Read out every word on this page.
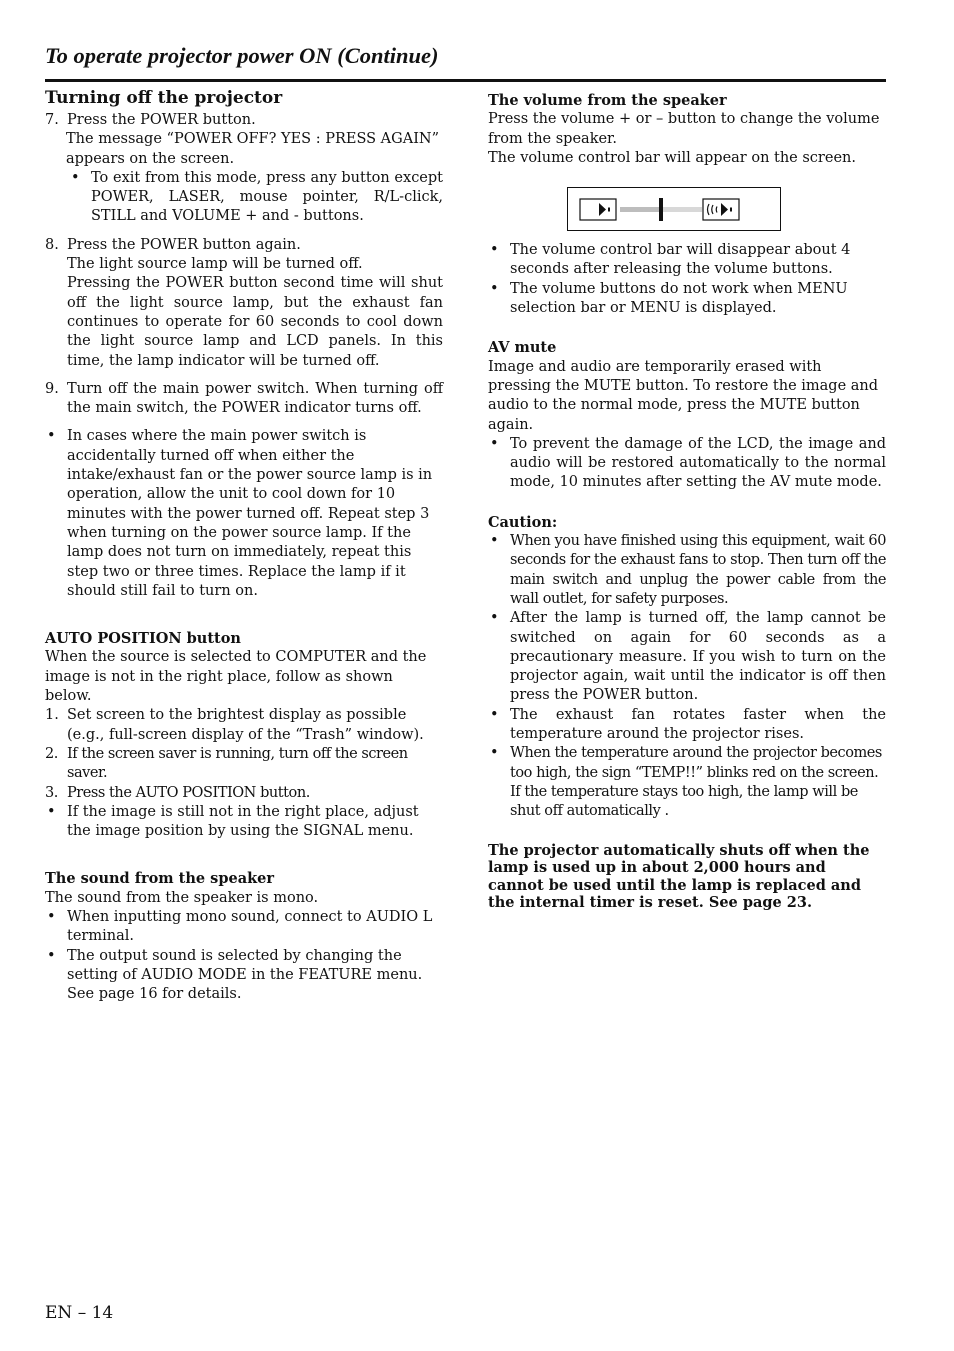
To operate projector power ON (Continue)
Turning off the projector
7. Press the POWER button.

The message “POWER OFF? YES : PRESS AGAIN” appears on the screen.

• To exit from this mode, press any button except POWER, LASER, mouse pointer, R/L-click, STILL and VOLUME + and - buttons.
8. Press the POWER button again.

The light source lamp will be turned off.

Pressing the POWER button second time will shut off the light source lamp, but the exhaust fan continues to operate for 60 seconds to cool down the light source lamp and LCD panels. In this time, the lamp indicator will be turned off.

9. Turn off the main power switch. When turning off the main switch, the POWER indicator turns off.

• In cases where the main power switch is accidentally turned off when either the intake/exhaust fan or the power source lamp is in operation, allow the unit to cool down for 10 minutes with the power turned off. Repeat step 3 when turning on the power source lamp. If the lamp does not turn on immediately, repeat this step two or three times. Replace the lamp if it should still fail to turn on.
AUTO POSITION button

When the source is selected to COMPUTER and the image is not in the right place, follow as shown below.

1. Set screen to the brightest display as possible (e.g., full-screen display of the “Trash” window).
2. If the screen saver is running, turn off the screen saver.
3. Press the AUTO POSITION button.
• If the image is still not in the right place, adjust the image position by using the SIGNAL menu.
The sound from the speaker

The sound from the speaker is mono.

• When inputting mono sound, connect to AUDIO L terminal.
• The output sound is selected by changing the setting of AUDIO MODE in the FEATURE menu. See page 16 for details.
The volume from the speaker

Press the volume + or – button to change the volume from the speaker.

The volume control bar will appear on the screen.

• The volume control bar will disappear about 4 seconds after releasing the volume buttons.
• The volume buttons do not work when MENU selection bar or MENU is displayed.
AV mute

Image and audio are temporarily erased with pressing the MUTE button. To restore the image and audio to the normal mode, press the MUTE button again.

• To prevent the damage of the LCD, the image and audio will be restored automatically to the normal mode, 10 minutes after setting the AV mute mode.
Caution:
• When you have finished using this equipment, wait 60 seconds for the exhaust fans to stop. Then turn off the main switch and unplug the power cable from the wall outlet, for safety purposes.
• After the lamp is turned off, the lamp cannot be switched on again for 60 seconds as a precautionary measure. If you wish to turn on the projector again, wait until the indicator is off then press the POWER button.
• The exhaust fan rotates faster when the temperature around the projector rises.
• When the temperature around the projector becomes too high, the sign “TEMP!!” blinks red on the screen. If the temperature stays too high, the lamp will be shut off automatically .

The projector automatically shuts off when the lamp is used up in about 2,000 hours and cannot be used until the lamp is replaced and the internal timer is reset. See page 23.

EN – 14
